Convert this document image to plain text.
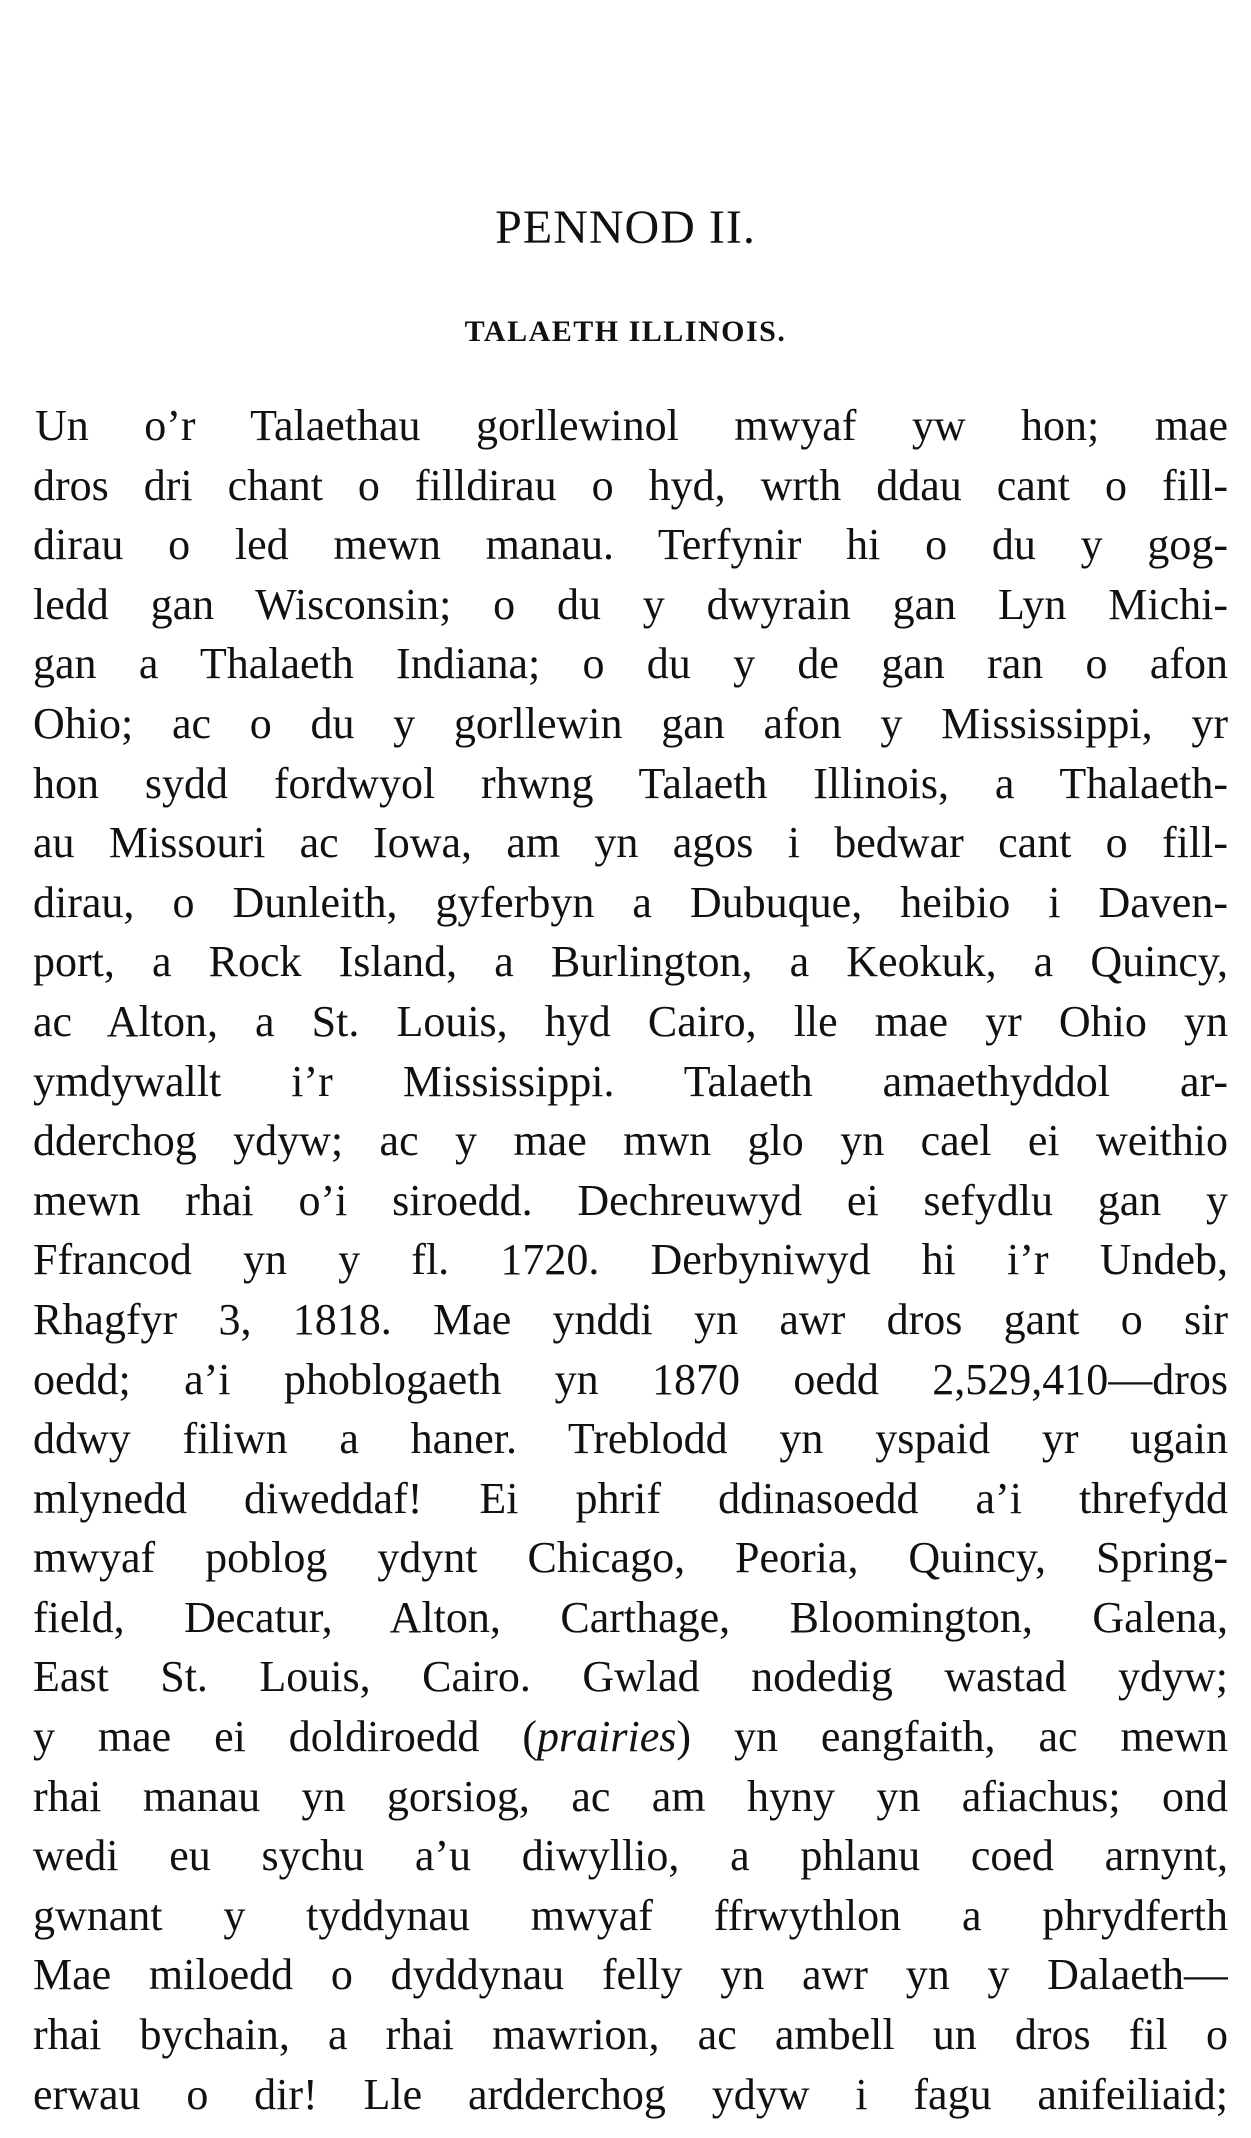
PENNOD II.
TALAETH ILLINOIS.
Un o’r Talaethau gorllewinol mwyaf yw hon; mae
dros dri chant o filldirau o hyd, wrth ddau cant o fill-
dirau o led mewn manau. Terfynir hi o du y gog-
ledd gan Wisconsin; o du y dwyrain gan Lyn Michi-
gan a Thalaeth Indiana; o du y de gan ran o afon
Ohio; ac o du y gorllewin gan afon y Mississippi, yr
hon sydd fordwyol rhwng Talaeth Illinois, a Thalaeth-
au Missouri ac Iowa, am yn agos i bedwar cant o fill-
dirau, o Dunleith, gyferbyn a Dubuque, heibio i Daven-
port, a Rock Island, a Burlington, a Keokuk, a Quincy,
ac Alton, a St. Louis, hyd Cairo, lle mae yr Ohio yn
ymdywallt i’r Mississippi. Talaeth amaethyddol ar-
dderchog ydyw; ac y mae mwn glo yn cael ei weithio
mewn rhai o’i siroedd. Dechreuwyd ei sefydlu gan y
Ffrancod yn y fl. 1720. Derbyniwyd hi i’r Undeb,
Rhagfyr 3, 1818. Mae ynddi yn awr dros gant o sir
oedd; a’i phoblogaeth yn 1870 oedd 2,529,410—dros
ddwy filiwn a haner. Treblodd yn yspaid yr ugain
mlynedd diweddaf! Ei phrif ddinasoedd a’i threfydd
mwyaf poblog ydynt Chicago, Peoria, Quincy, Spring-
field, Decatur, Alton, Carthage, Bloomington, Galena,
East St. Louis, Cairo. Gwlad nodedig wastad ydyw;
y mae ei doldiroedd (prairies) yn eangfaith, ac mewn
rhai manau yn gorsiog, ac am hyny yn afiachus; ond
wedi eu sychu a’u diwyllio, a phlanu coed arnynt,
gwnant y tyddynau mwyaf ffrwythlon a phrydferth
Mae miloedd o dyddynau felly yn awr yn y Dalaeth—
rhai bychain, a rhai mawrion, ac ambell un dros fil o
erwau o dir! Lle ardderchog ydyw i fagu anifeiliaid;
